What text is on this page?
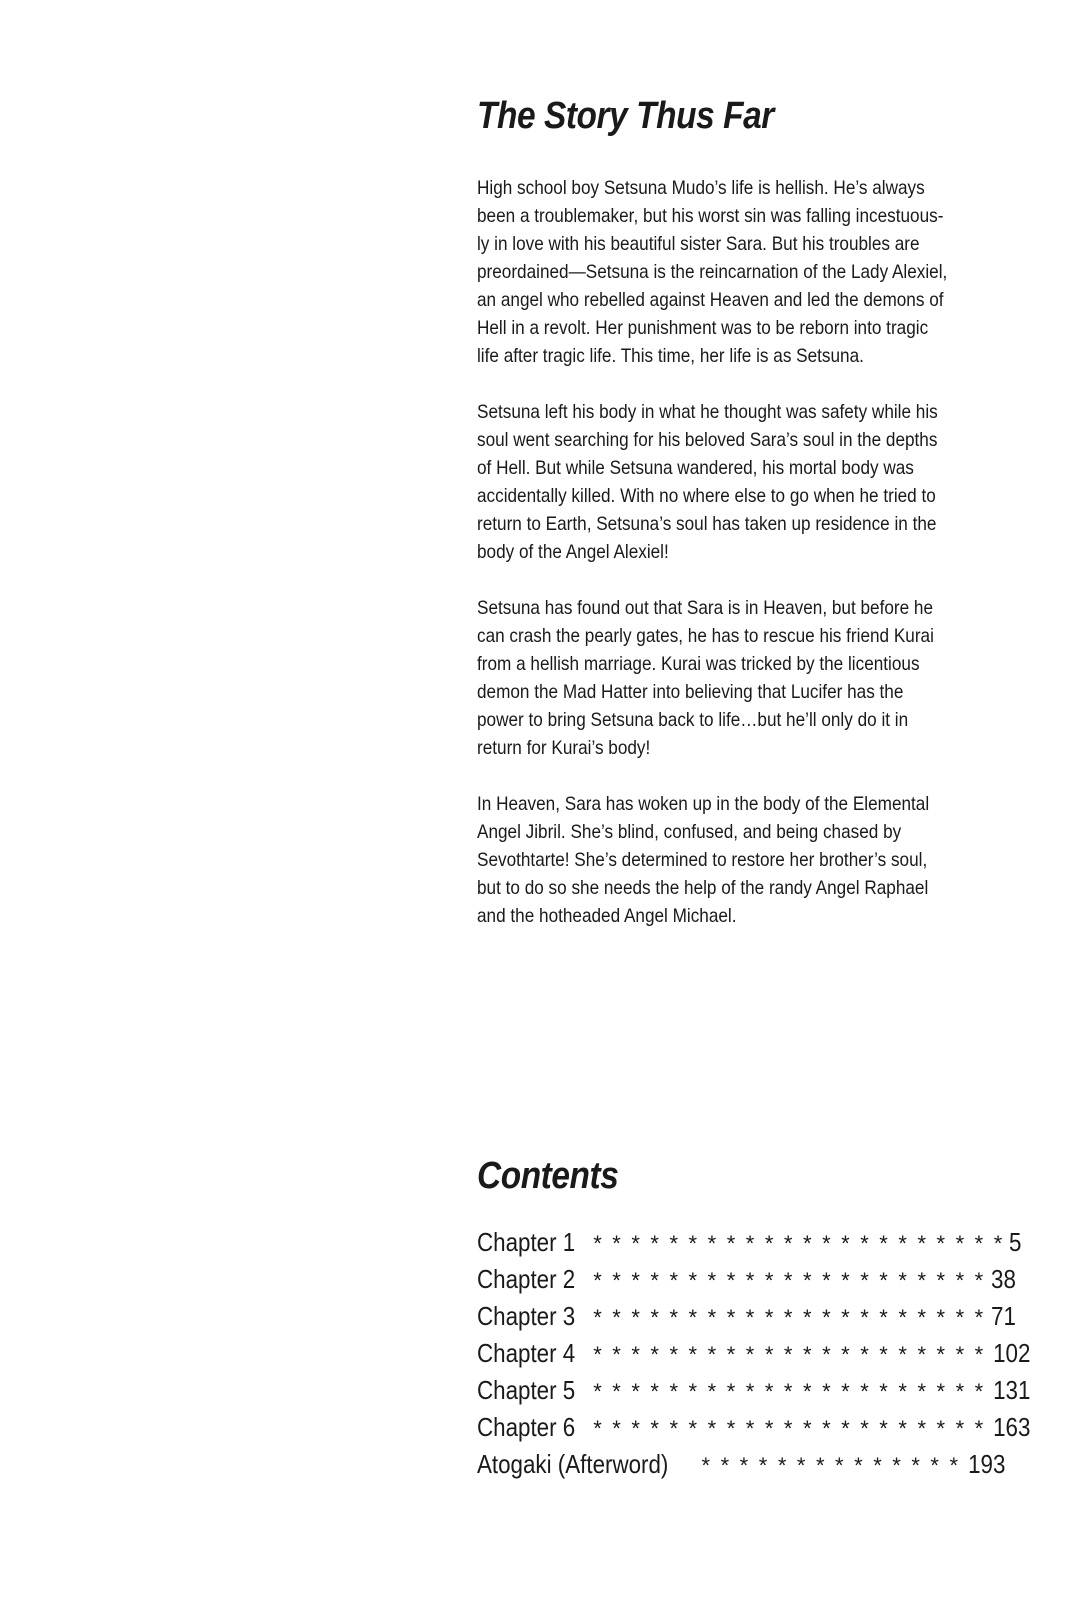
The Story Thus Far

High school boy Setsuna Mudo’s life is hellish. He’s always
been a troublemaker, but his worst sin was falling incestuous-
ly in love with his beautiful sister Sara. But his troubles are
preordained—Setsuna is the reincarnation of the Lady Alexiel,
an angel who rebelled against Heaven and led the demons of
Hell in a revolt. Her punishment was to be reborn into tragic
life after tragic life. This time, her life is as Setsuna.

Setsuna left his body in what he thought was safety while his
soul went searching for his beloved Sara’s soul in the depths
of Hell. But while Setsuna wandered, his mortal body was
accidentally killed. With no where else to go when he tried to
return to Earth, Setsuna’s soul has taken up residence in the
body of the Angel Alexiel!

Setsuna has found out that Sara is in Heaven, but before he
can crash the pearly gates, he has to rescue his friend Kurai
from a hellish marriage. Kurai was tricked by the licentious
demon the Mad Hatter into believing that Lucifer has the
power to bring Setsuna back to life…but he’ll only do it in
return for Kurai’s body!

In Heaven, Sara has woken up in the body of the Elemental
Angel Jibril. She’s blind, confused, and being chased by
Sevothtarte! She’s determined to restore her brother’s soul,
but to do so she needs the help of the randy Angel Raphael
and the hotheaded Angel Michael.

Contents
Chapter 1 * * * * * * * * * * * * * * * * * * * * * * 5
Chapter 2 * * * * * * * * * * * * * * * * * * * * * 38
Chapter 3 * * * * * * * * * * * * * * * * * * * * * 71
Chapter 4 * * * * * * * * * * * * * * * * * * * * * 102
Chapter 5 * * * * * * * * * * * * * * * * * * * * * 131
Chapter 6 * * * * * * * * * * * * * * * * * * * * * 163
Atogaki (Afterword) * * * * * * * * * * * * * * 193
